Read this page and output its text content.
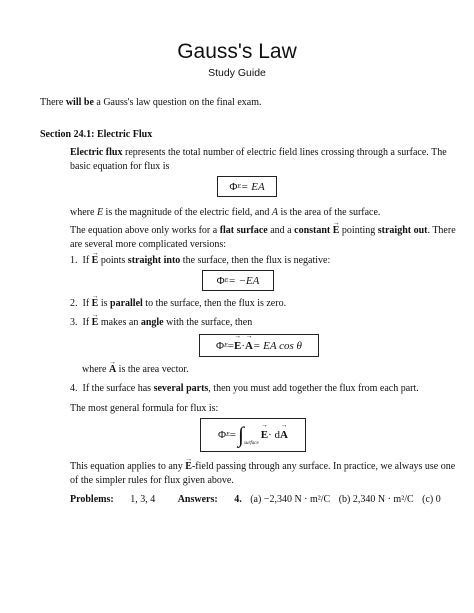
Gauss's Law
Study Guide
There will be a Gauss's law question on the final exam.
Section 24.1: Electric Flux
Electric flux represents the total number of electric field lines crossing through a surface. The
basic equation for flux is
Φ E = EA
where E is the magnitude of the electric field, and A is the area of the surface.
The equation above only works for a flat surface and a constant → E pointing straight out. There
are several more complicated versions:
1. If → E points straight into the surface, then the flux is negative:
Φ E = −EA
2. If → E is parallel to the surface, then the flux is zero.
3. If → E makes an angle with the surface, then
Φ E = → E · → A = EA cos θ
where → A is the area vector.
4. If the surface has several parts, then you must add together the flux from each part.
The most general formula for flux is:
Φ E = ∫ surface
→ E · d → A
This equation applies to any → E-field passing through any surface. In practice, we always use one
of the simpler rules for flux given above.
Problems: 1, 3, 4 Answers: 4. (a) −2,340 N · m²/C (b) 2,340 N · m²/C (c) 0
